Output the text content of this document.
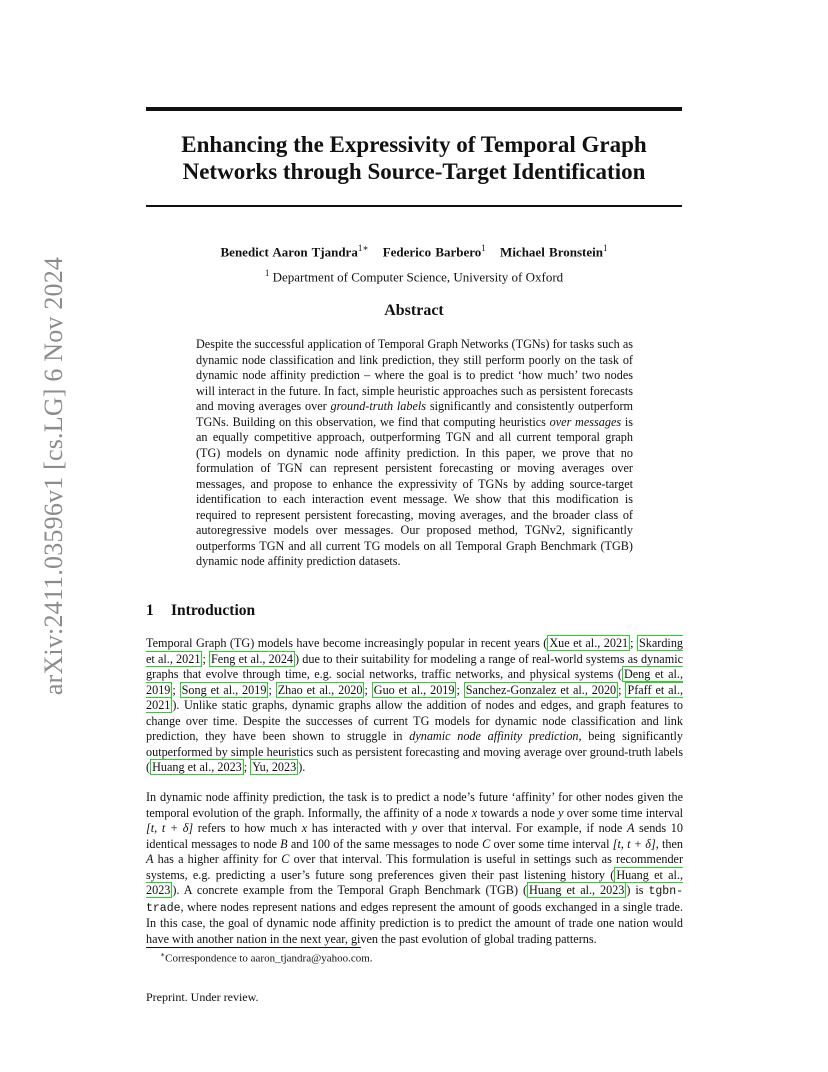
arXiv:2411.03596v1 [cs.LG] 6 Nov 2024
Enhancing the Expressivity of Temporal Graph
Networks through Source-Target Identification
Benedict Aaron Tjandra$^{1∗}$ Federico Barbero$^1$ Michael Bronstein$^1$
$^1$ Department of Computer Science, University of Oxford
Abstract

Despite the successful application of Temporal Graph Networks (TGNs) for tasks such as dynamic node classification and link prediction, they still perform poorly on the task of dynamic node affinity prediction – where the goal is to predict ‘how much’ two nodes will interact in the future. In fact, simple heuristic approaches such as persistent forecasts and moving averages over ground-truth labels significantly and consistently outperform TGNs. Building on this observation, we find that computing heuristics over messages is an equally competitive approach, outperforming TGN and all current temporal graph (TG) models on dynamic node affinity prediction. In this paper, we prove that no formulation of TGN can represent persistent forecasting or moving averages over messages, and propose to enhance the expressivity of TGNs by adding source-target identification to each interaction event message. We show that this modification is required to represent persistent forecasting, moving averages, and the broader class of autoregressive models over messages. Our proposed method, TGNv2, significantly outperforms TGN and all current TG models on all Temporal Graph Benchmark (TGB) dynamic node affinity prediction datasets.

1 Introduction

Temporal Graph (TG) models have become increasingly popular in recent years ( Xue et al., 2021 ; Skarding et al., 2021 ; Feng et al., 2024 ) due to their suitability for modeling a range of real-world systems as dynamic graphs that evolve through time, e.g. social networks, traffic networks, and physical systems ( Deng et al., 2019 ; Song et al., 2019 ; Zhao et al., 2020 ; Guo et al., 2019 ; Sanchez-Gonzalez et al., 2020 ; Pfaff et al., 2021 ). Unlike static graphs, dynamic graphs allow the addition of nodes and edges, and graph features to change over time. Despite the successes of current TG models for dynamic node classification and link prediction, they have been shown to struggle in dynamic node affinity prediction, being significantly outperformed by simple heuristics such as persistent forecasting and moving average over ground-truth labels ( Huang et al., 2023 ; Yu, 2023 ).

In dynamic node affinity prediction, the task is to predict a node’s future ‘affinity’ for other nodes given the temporal evolution of the graph. Informally, the affinity of a node x towards a node y over some time interval [t, t + δ] refers to how much x has interacted with y over that interval. For example, if node A sends 10 identical messages to node B and 100 of the same messages to node C over some time interval [t, t + δ], then A has a higher affinity for C over that interval. This formulation is useful in settings such as recommender systems, e.g. predicting a user’s future song preferences given their past listening history ( Huang et al., 2023 ). A concrete example from the Temporal Graph Benchmark (TGB) ( Huang et al., 2023 ) is tgbn-trade, where nodes represent nations and edges represent the amount of goods exchanged in a single trade. In this case, the goal of dynamic node affinity prediction is to predict the amount of trade one nation would have with another nation in the next year, given the past evolution of global trading patterns.

∗Correspondence to aaron_tjandra@yahoo.com.
Preprint. Under review.
